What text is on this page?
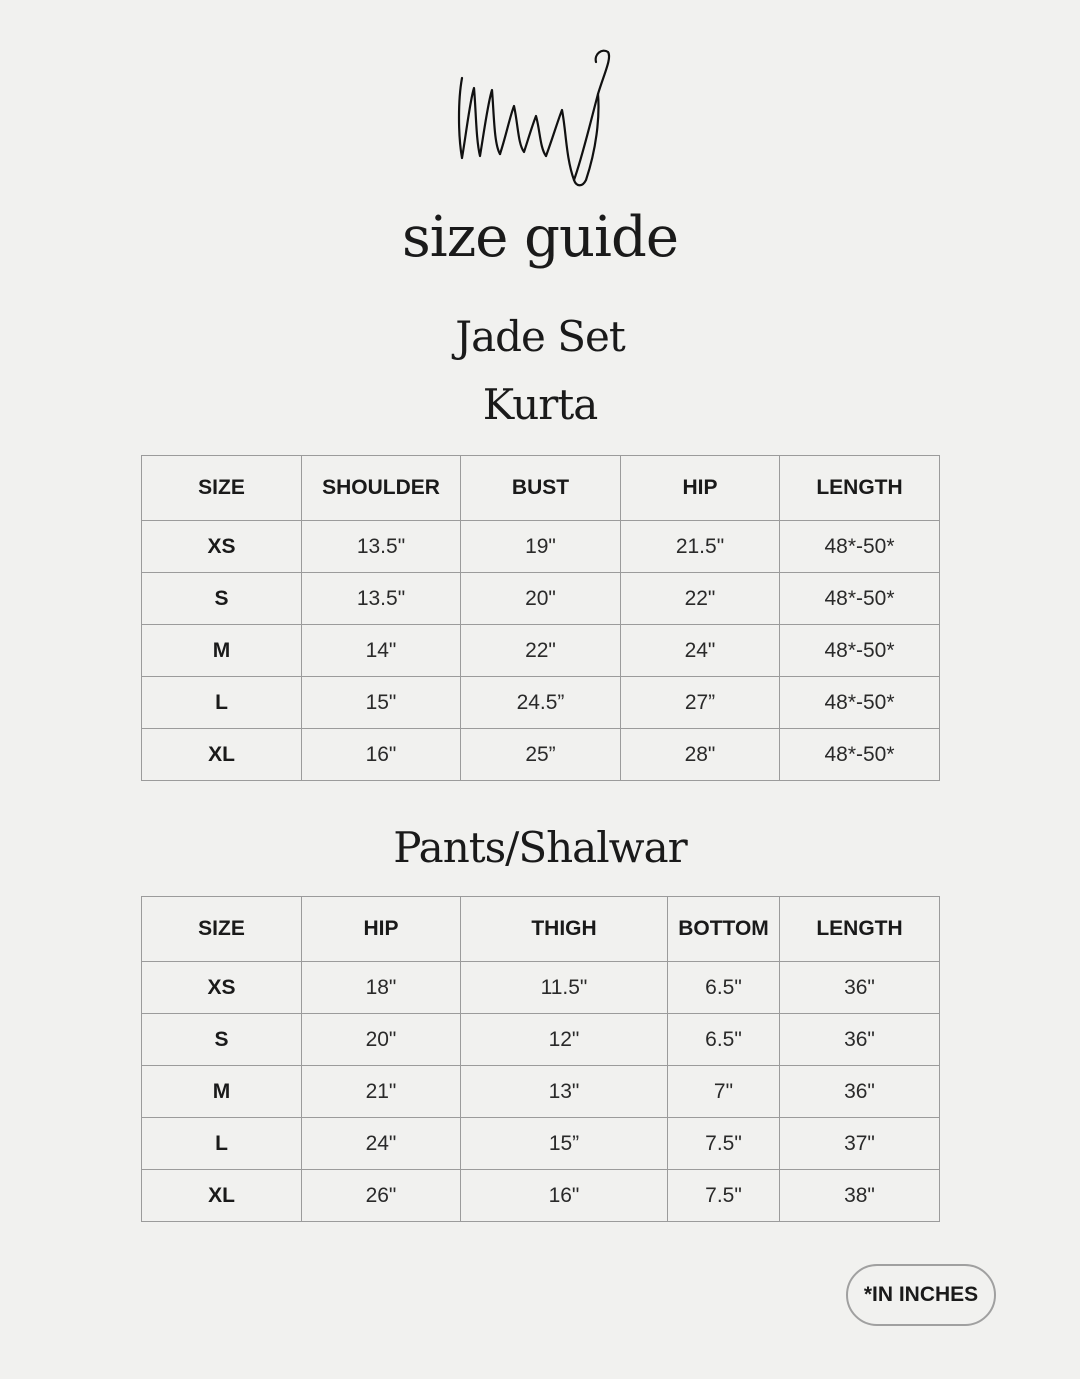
size guide
Jade Set
Kurta
SIZE	SHOULDER	BUST	HIP	LENGTH
XS	13.5"	19"	21.5"	48*-50*
S	13.5"	20"	22"	48*-50*
M	14"	22"	24"	48*-50*
L	15"	24.5”	27”	48*-50*
XL	16"	25”	28"	48*-50*
Pants/Shalwar
SIZE	HIP	THIGH	BOTTOM	LENGTH
XS	18"	11.5"	6.5"	36"
S	20"	12"	6.5"	36"
M	21"	13"	7"	36"
L	24"	15”	7.5"	37"
XL	26"	16"	7.5"	38"
*IN INCHES
